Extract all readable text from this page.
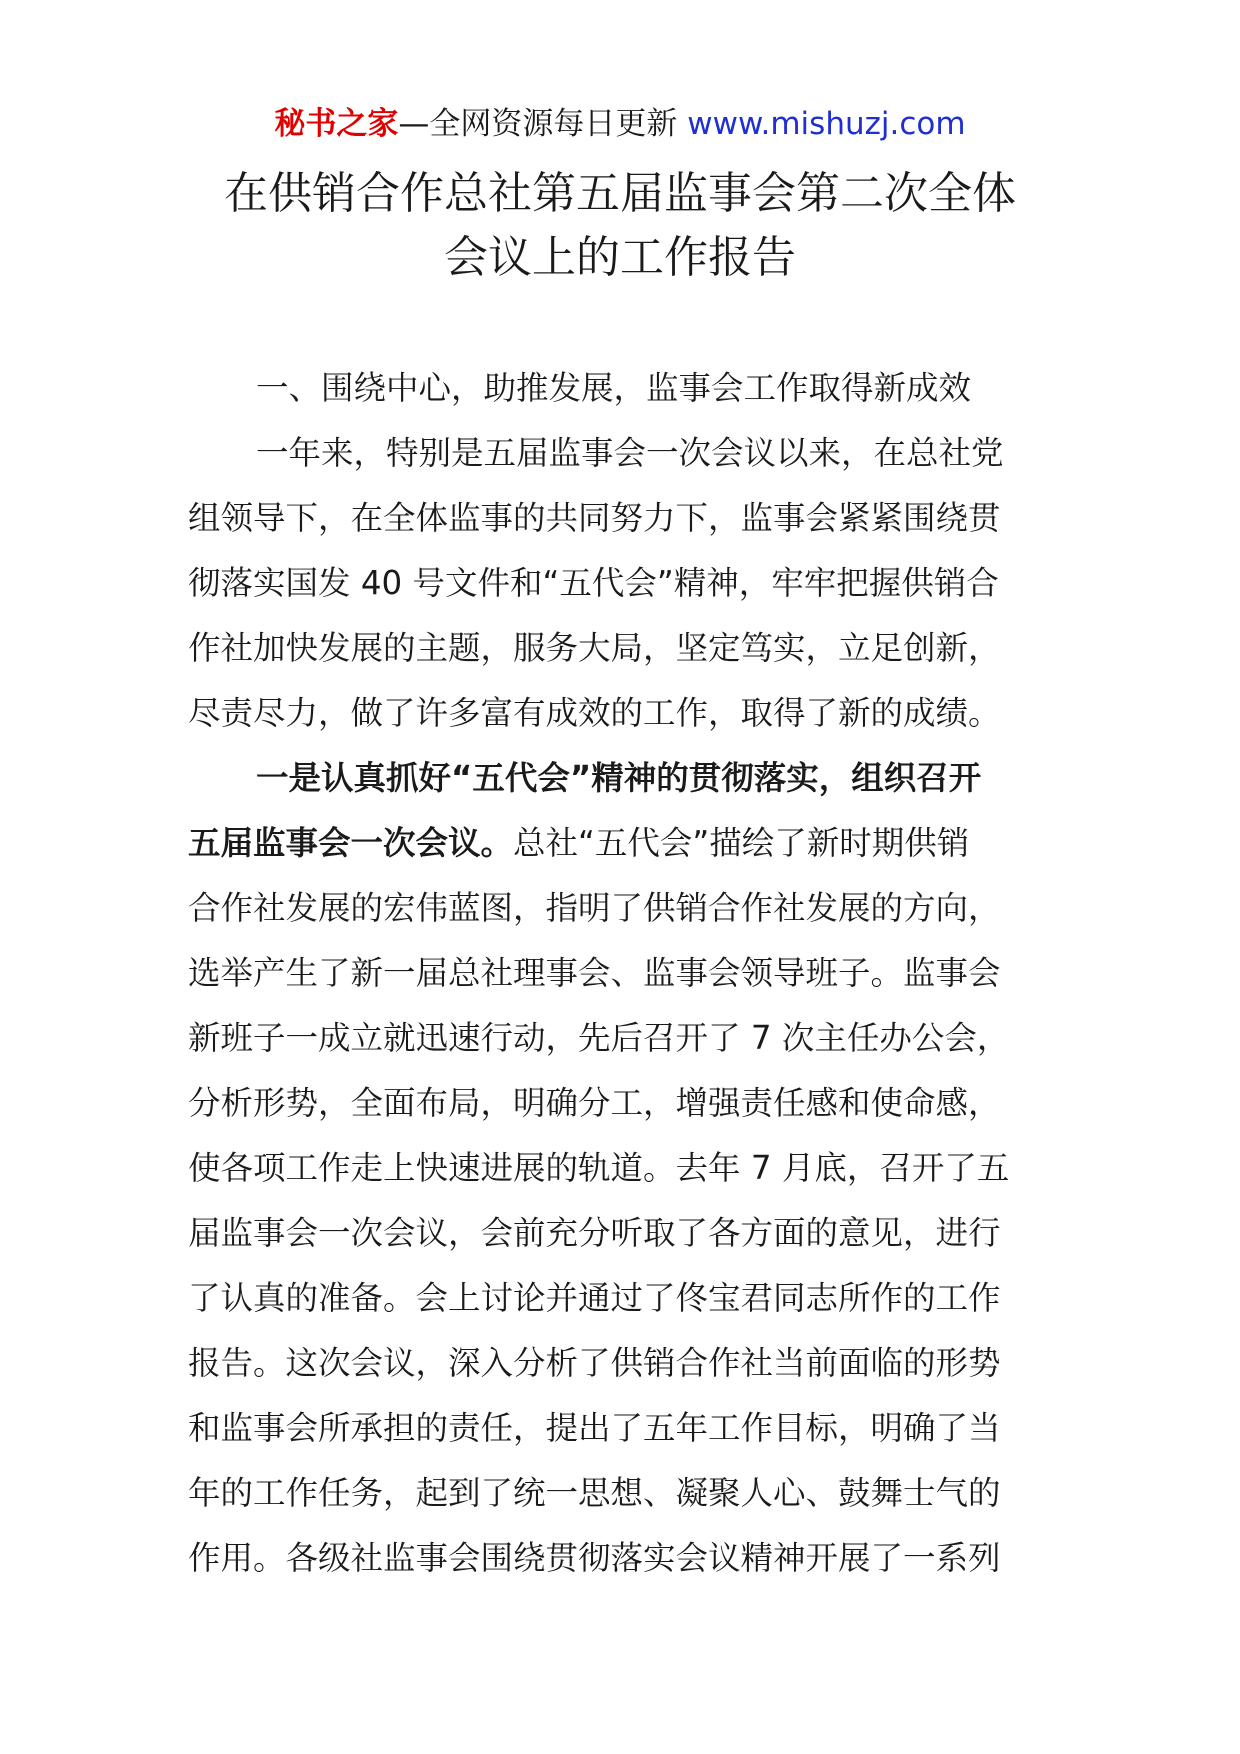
秘书之家—全网资源每日更新 www.mishuzj.com
在供销合作总社第五届监事会第二次全体
会议上的工作报告
一、围绕中心，助推发展，监事会工作取得新成效
一年来，特别是五届监事会一次会议以来，在总社党
组领导下，在全体监事的共同努力下，监事会紧紧围绕贯
彻落实国发 40 号文件和“五代会”精神，牢牢把握供销合
作社加快发展的主题，服务大局，坚定笃实，立足创新，
尽责尽力，做了许多富有成效的工作，取得了新的成绩。
一是认真抓好“五代会”精神的贯彻落实，组织召开
五届监事会一次会议。总社“五代会”描绘了新时期供销
合作社发展的宏伟蓝图，指明了供销合作社发展的方向，
选举产生了新一届总社理事会、监事会领导班子。监事会
新班子一成立就迅速行动，先后召开了 7 次主任办公会，
分析形势，全面布局，明确分工，增强责任感和使命感，
使各项工作走上快速进展的轨道。去年 7 月底，召开了五
届监事会一次会议，会前充分听取了各方面的意见，进行
了认真的准备。会上讨论并通过了佟宝君同志所作的工作
报告。这次会议，深入分析了供销合作社当前面临的形势
和监事会所承担的责任，提出了五年工作目标，明确了当
年的工作任务，起到了统一思想、凝聚人心、鼓舞士气的
作用。各级社监事会围绕贯彻落实会议精神开展了一系列
